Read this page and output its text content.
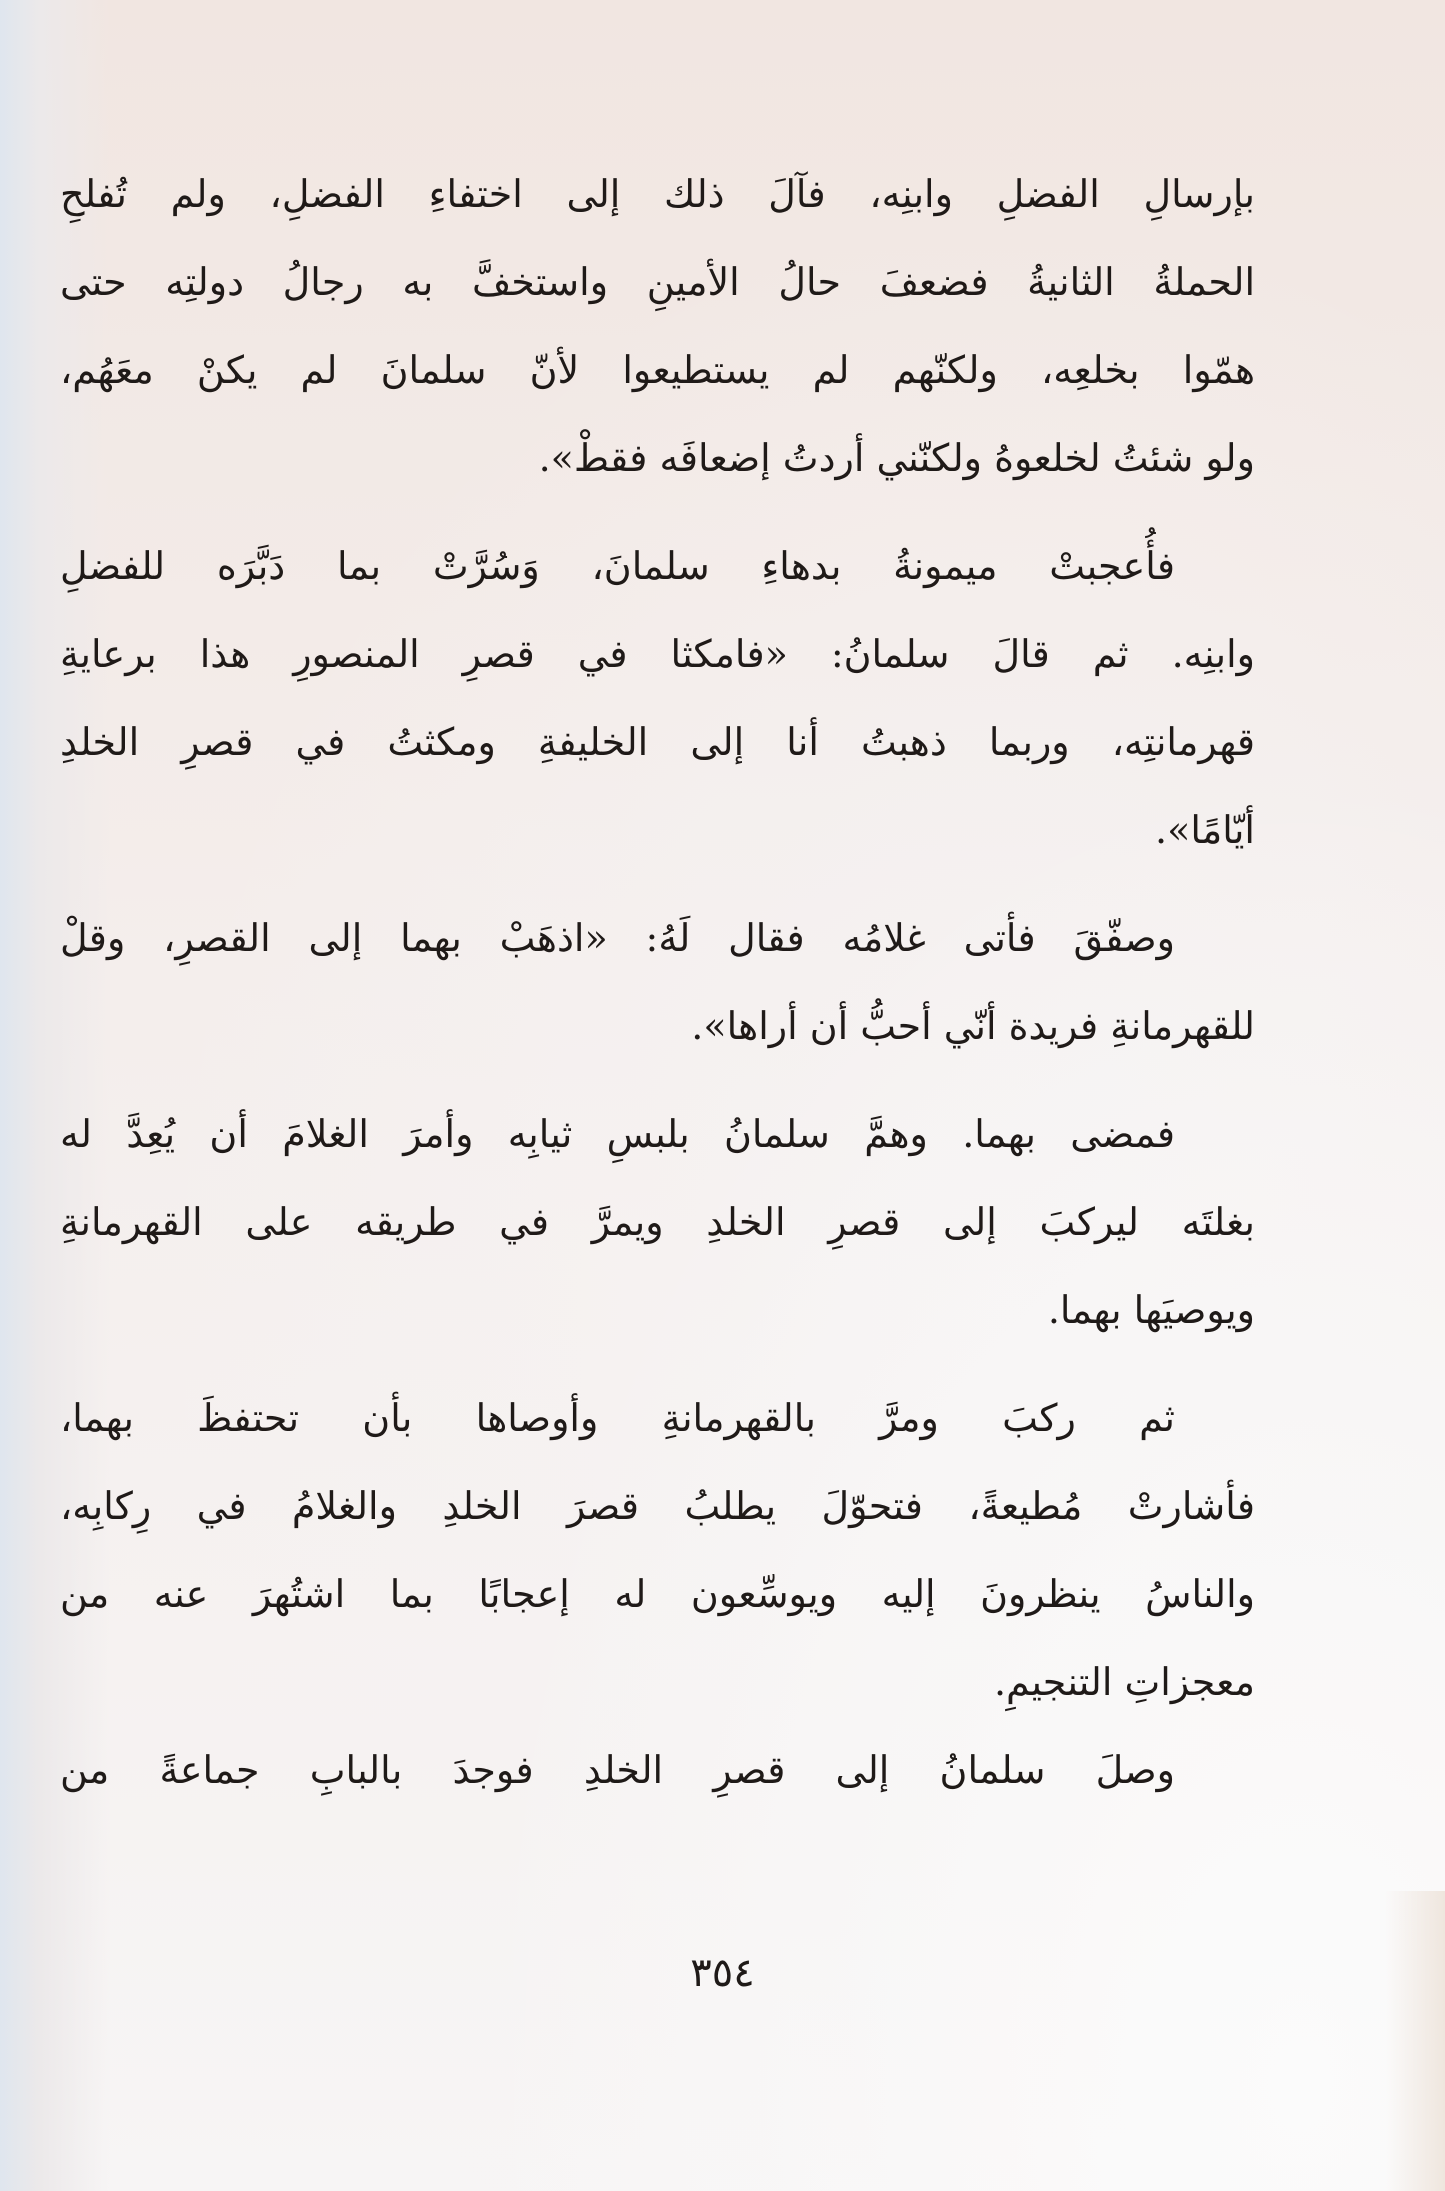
بإرسالِ الفضلِ وابنِه، فآلَ ذلك إلى اختفاءِ الفضلِ، ولم تُفلحِ
الحملةُ الثانيةُ فضعفَ حالُ الأمينِ واستخفَّ به رجالُ دولتِه حتى
همّوا بخلعِه، ولكنّهم لم يستطيعوا لأنّ سلمانَ لم يكنْ معَهُم،
ولو شئتُ لخلعوهُ ولكنّني أردتُ إضعافَه فقطْ».
فأُعجبتْ ميمونةُ بدهاءِ سلمانَ، وَسُرَّتْ بما دَبَّرَه للفضلِ
وابنِه. ثم قالَ سلمانُ: «فامكثا في قصرِ المنصورِ هذا برعايةِ
قهرمانتِه، وربما ذهبتُ أنا إلى الخليفةِ ومكثتُ في قصرِ الخلدِ
أيّامًا».
وصفّقَ فأتى غلامُه فقال لَهُ: «اذهَبْ بهما إلى القصرِ، وقلْ
للقهرمانةِ فريدة أنّي أحبُّ أن أراها».
فمضى بهما. وهمَّ سلمانُ بلبسِ ثيابِه وأمرَ الغلامَ أن يُعِدَّ له
بغلتَه ليركبَ إلى قصرِ الخلدِ ويمرَّ في طريقه على القهرمانةِ
ويوصيَها بهما.
ثم ركبَ ومرَّ بالقهرمانةِ وأوصاها بأن تحتفظَ بهما،
فأشارتْ مُطيعةً، فتحوّلَ يطلبُ قصرَ الخلدِ والغلامُ في رِكابِه،
والناسُ ينظرونَ إليه ويوسِّعون له إعجابًا بما اشتُهرَ عنه من
معجزاتِ التنجيمِ.
وصلَ سلمانُ إلى قصرِ الخلدِ فوجدَ بالبابِ جماعةً من
٣٥٤
